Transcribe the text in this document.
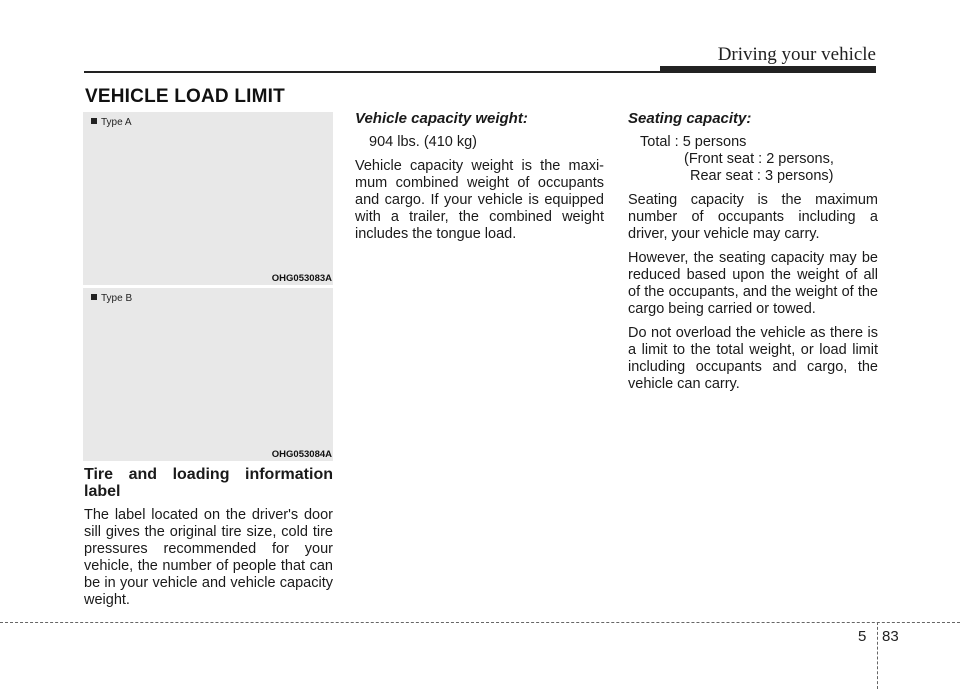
Driving your vehicle
VEHICLE LOAD LIMIT
Type A
OHG053083A
Type B
OHG053084A

Tire and loading information label

The label located on the driver's door sill gives the original tire size, cold tire pressures recommended for your vehicle, the number of people that can be in your vehicle and vehicle capacity weight.

Vehicle capacity weight:

904 lbs. (410 kg)

Vehicle capacity weight is the maxi-mum combined weight of occupants and cargo. If your vehicle is equipped with a trailer, the combined weight includes the tongue load.

Seating capacity:

Total : 5 persons

(Front seat : 2 persons,

Rear seat : 3 persons)

Seating capacity is the maximum number of occupants including a driver, your vehicle may carry.

However, the seating capacity may be reduced based upon the weight of all of the occupants, and the weight of the cargo being carried or towed.

Do not overload the vehicle as there is a limit to the total weight, or load limit including occupants and cargo, the vehicle can carry.

5 83
